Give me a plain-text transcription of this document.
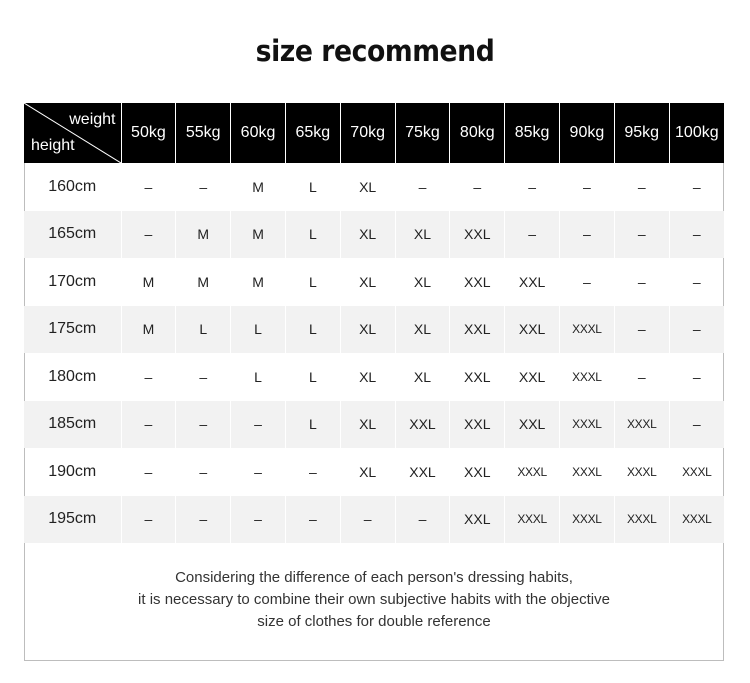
size recommend
weight
height	50kg	55kg	60kg	65kg	70kg	75kg	80kg	85kg	90kg	95kg	100kg
160cm	–	–	M	L	XL	–	–	–	–	–	–
165cm	–	M	M	L	XL	XL	XXL	–	–	–	–
170cm	M	M	M	L	XL	XL	XXL	XXL	–	–	–
175cm	M	L	L	L	XL	XL	XXL	XXL	XXXL	–	–
180cm	–	–	L	L	XL	XL	XXL	XXL	XXXL	–	–
185cm	–	–	–	L	XL	XXL	XXL	XXL	XXXL	XXXL	–
190cm	–	–	–	–	XL	XXL	XXL	XXXL	XXXL	XXXL	XXXL
195cm	–	–	–	–	–	–	XXL	XXXL	XXXL	XXXL	XXXL
Considering the difference of each person's dressing habits,
it is necessary to combine their own subjective habits with the objective
size of clothes for double reference
